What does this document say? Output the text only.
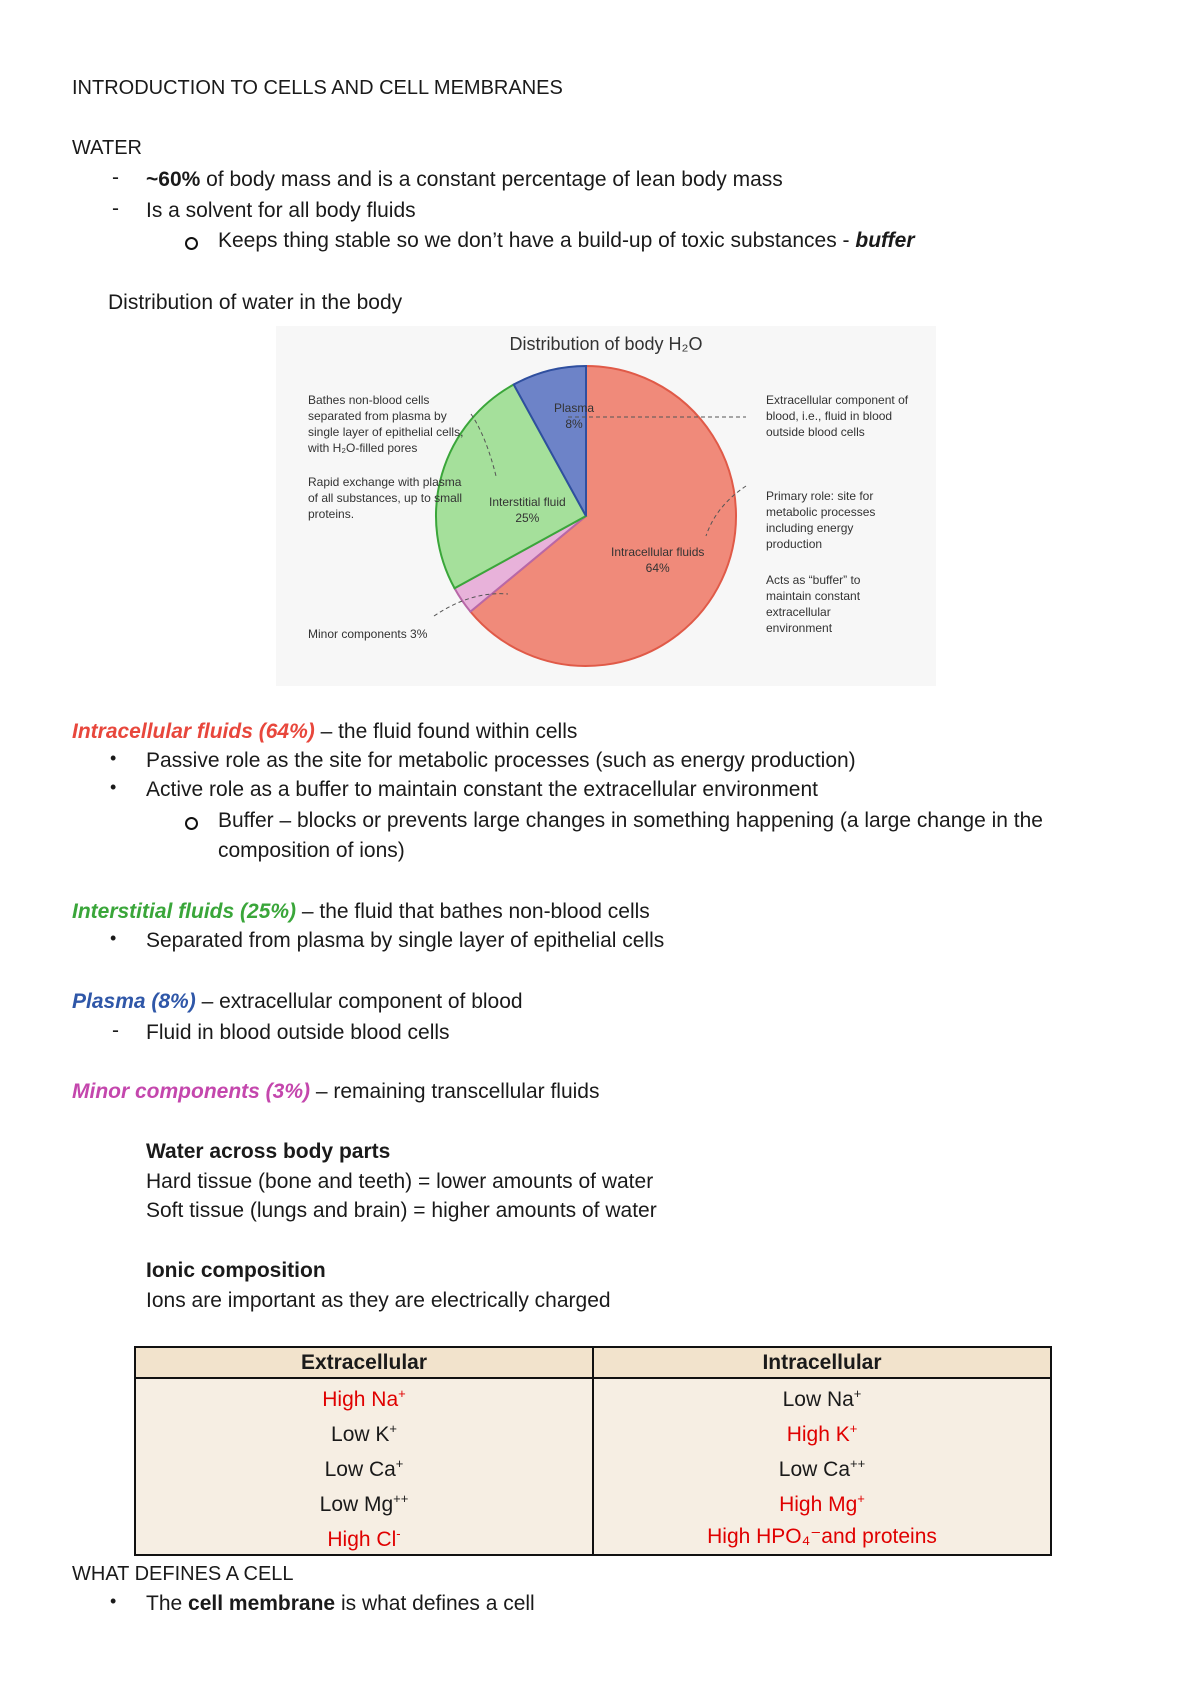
INTRODUCTION TO CELLS AND CELL MEMBRANES
WATER
- ~60% of body mass and is a constant percentage of lean body mass
- Is a solvent for all body fluids
Keeps thing stable so we don’t have a build-up of toxic substances - buffer
Distribution of water in the body
Distribution of body H₂O
Bathes non-blood cells separated from plasma by single layer of epithelial cells, with H₂O-filled pores
Rapid exchange with plasma of all substances, up to small proteins.
Extracellular component of blood, i.e., fluid in blood outside blood cells
Primary role: site for metabolic processes including energy production
Acts as “buffer” to maintain constant extracellular environment
Plasma
8%
Interstitial fluid
25%
Intracellular fluids
64%
Minor components 3%
Intracellular fluids (64%) – the fluid found within cells
• Passive role as the site for metabolic processes (such as energy production)
• Active role as a buffer to maintain constant the extracellular environment
Buffer – blocks or prevents large changes in something happening (a large change in the
composition of ions)
Interstitial fluids (25%) – the fluid that bathes non-blood cells
• Separated from plasma by single layer of epithelial cells
Plasma (8%) – extracellular component of blood
- Fluid in blood outside blood cells
Minor components (3%) – remaining transcellular fluids
Water across body parts
Hard tissue (bone and teeth) = lower amounts of water
Soft tissue (lungs and brain) = higher amounts of water
Ionic composition
Ions are important as they are electrically charged
Extracellular	Intracellular
High Na+	Low Na+
Low K+	High K+
Low Ca+	Low Ca++
Low Mg++	High Mg+
High Cl-	High HPO₄⁻and proteins
WHAT DEFINES A CELL
• The cell membrane is what defines a cell
